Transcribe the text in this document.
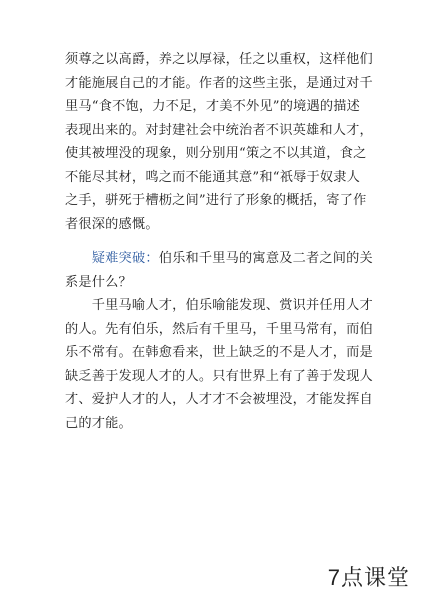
须尊之以高爵，养之以厚禄，任之以重权，这样他们
才能施展自己的才能。作者的这些主张，是通过对千
里马“食不饱，力不足，才美不外见”的境遇的描述
表现出来的。对封建社会中统治者不识英雄和人才，
使其被埋没的现象，则分别用“策之不以其道，食之
不能尽其材，鸣之而不能通其意”和“祇辱于奴隶人
之手，骈死于槽枥之间”进行了形象的概括，寄了作
者很深的感慨。
　　疑难突破：伯乐和千里马的寓意及二者之间的关
系是什么？
　　千里马喻人才，伯乐喻能发现、赏识并任用人才
的人。先有伯乐，然后有千里马，千里马常有，而伯
乐不常有。在韩愈看来，世上缺乏的不是人才，而是
缺乏善于发现人才的人。只有世界上有了善于发现人
才、爱护人才的人，人才才不会被埋没，才能发挥自
己的才能。
7点课堂
